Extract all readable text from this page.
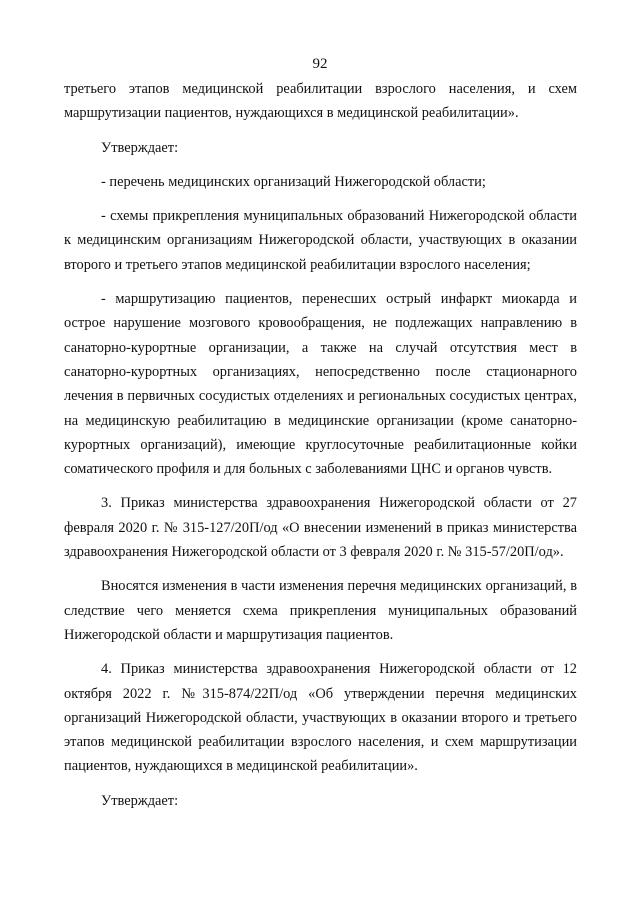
92

третьего этапов медицинской реабилитации взрослого населения, и схем маршрутизации пациентов, нуждающихся в медицинской реабилитации».

Утверждает:

- перечень медицинских организаций Нижегородской области;

- схемы прикрепления муниципальных образований Нижегородской области к медицинским организациям Нижегородской области, участвующих в оказании второго и третьего этапов медицинской реабилитации взрослого населения;

- маршрутизацию пациентов, перенесших острый инфаркт миокарда и острое нарушение мозгового кровообращения, не подлежащих направлению в санаторно-курортные организации, а также на случай отсутствия мест в санаторно-курортных организациях, непосредственно после стационарного лечения в первичных сосудистых отделениях и региональных сосудистых центрах, на медицинскую реабилитацию в медицинские организации (кроме санаторно-курортных организаций), имеющие круглосуточные реабилитационные койки соматического профиля и для больных с заболеваниями ЦНС и органов чувств.

3. Приказ министерства здравоохранения Нижегородской области от 27 февраля 2020 г. № 315-127/20П/од «О внесении изменений в приказ министерства здравоохранения Нижегородской области от 3 февраля 2020 г. № 315-57/20П/од».

Вносятся изменения в части изменения перечня медицинских организаций, в следствие чего меняется схема прикрепления муниципальных образований Нижегородской области и маршрутизация пациентов.

4. Приказ министерства здравоохранения Нижегородской области от 12 октября 2022 г. №315-874/22П/од «Об утверждении перечня медицинских организаций Нижегородской области, участвующих в оказании второго и третьего этапов медицинской реабилитации взрослого населения, и схем маршрутизации пациентов, нуждающихся в медицинской реабилитации».

Утверждает:
